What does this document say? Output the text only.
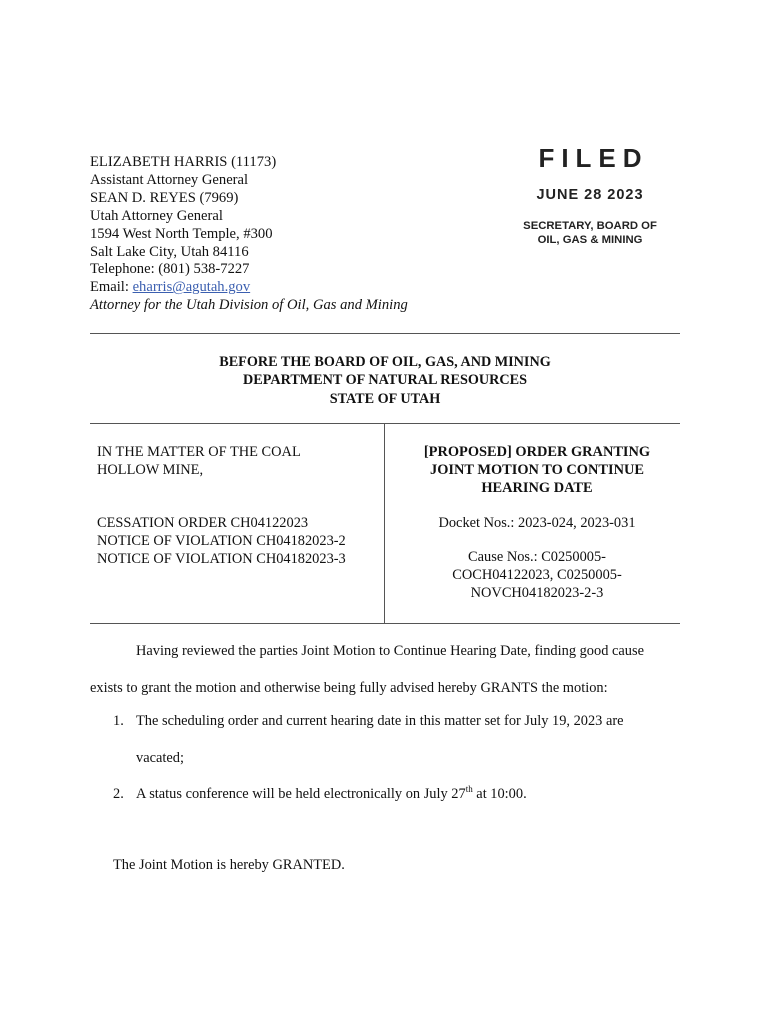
ELIZABETH HARRIS (11173)
Assistant Attorney General
SEAN D. REYES (7969)
Utah Attorney General
1594 West North Temple, #300
Salt Lake City, Utah 84116
Telephone: (801) 538-7227
Email: eharris@agutah.gov
Attorney for the Utah Division of Oil, Gas and Mining
FILED
JUNE 28 2023
SECRETARY, BOARD OF
OIL, GAS & MINING
BEFORE THE BOARD OF OIL, GAS, AND MINING
DEPARTMENT OF NATURAL RESOURCES
STATE OF UTAH
IN THE MATTER OF THE COAL
HOLLOW MINE,
CESSATION ORDER CH04122023
NOTICE OF VIOLATION CH04182023-2
NOTICE OF VIOLATION CH04182023-3
[PROPOSED] ORDER GRANTING
JOINT MOTION TO CONTINUE
HEARING DATE
Docket Nos.: 2023-024, 2023-031
Cause Nos.: C0250005-
COCH04122023, C0250005-
NOVCH04182023-2-3
Having reviewed the parties Joint Motion to Continue Hearing Date, finding good cause
exists to grant the motion and otherwise being fully advised hereby GRANTS the motion:
1. The scheduling order and current hearing date in this matter set for July 19, 2023 are
vacated;
2. A status conference will be held electronically on July 27th at 10:00.
The Joint Motion is hereby GRANTED.
